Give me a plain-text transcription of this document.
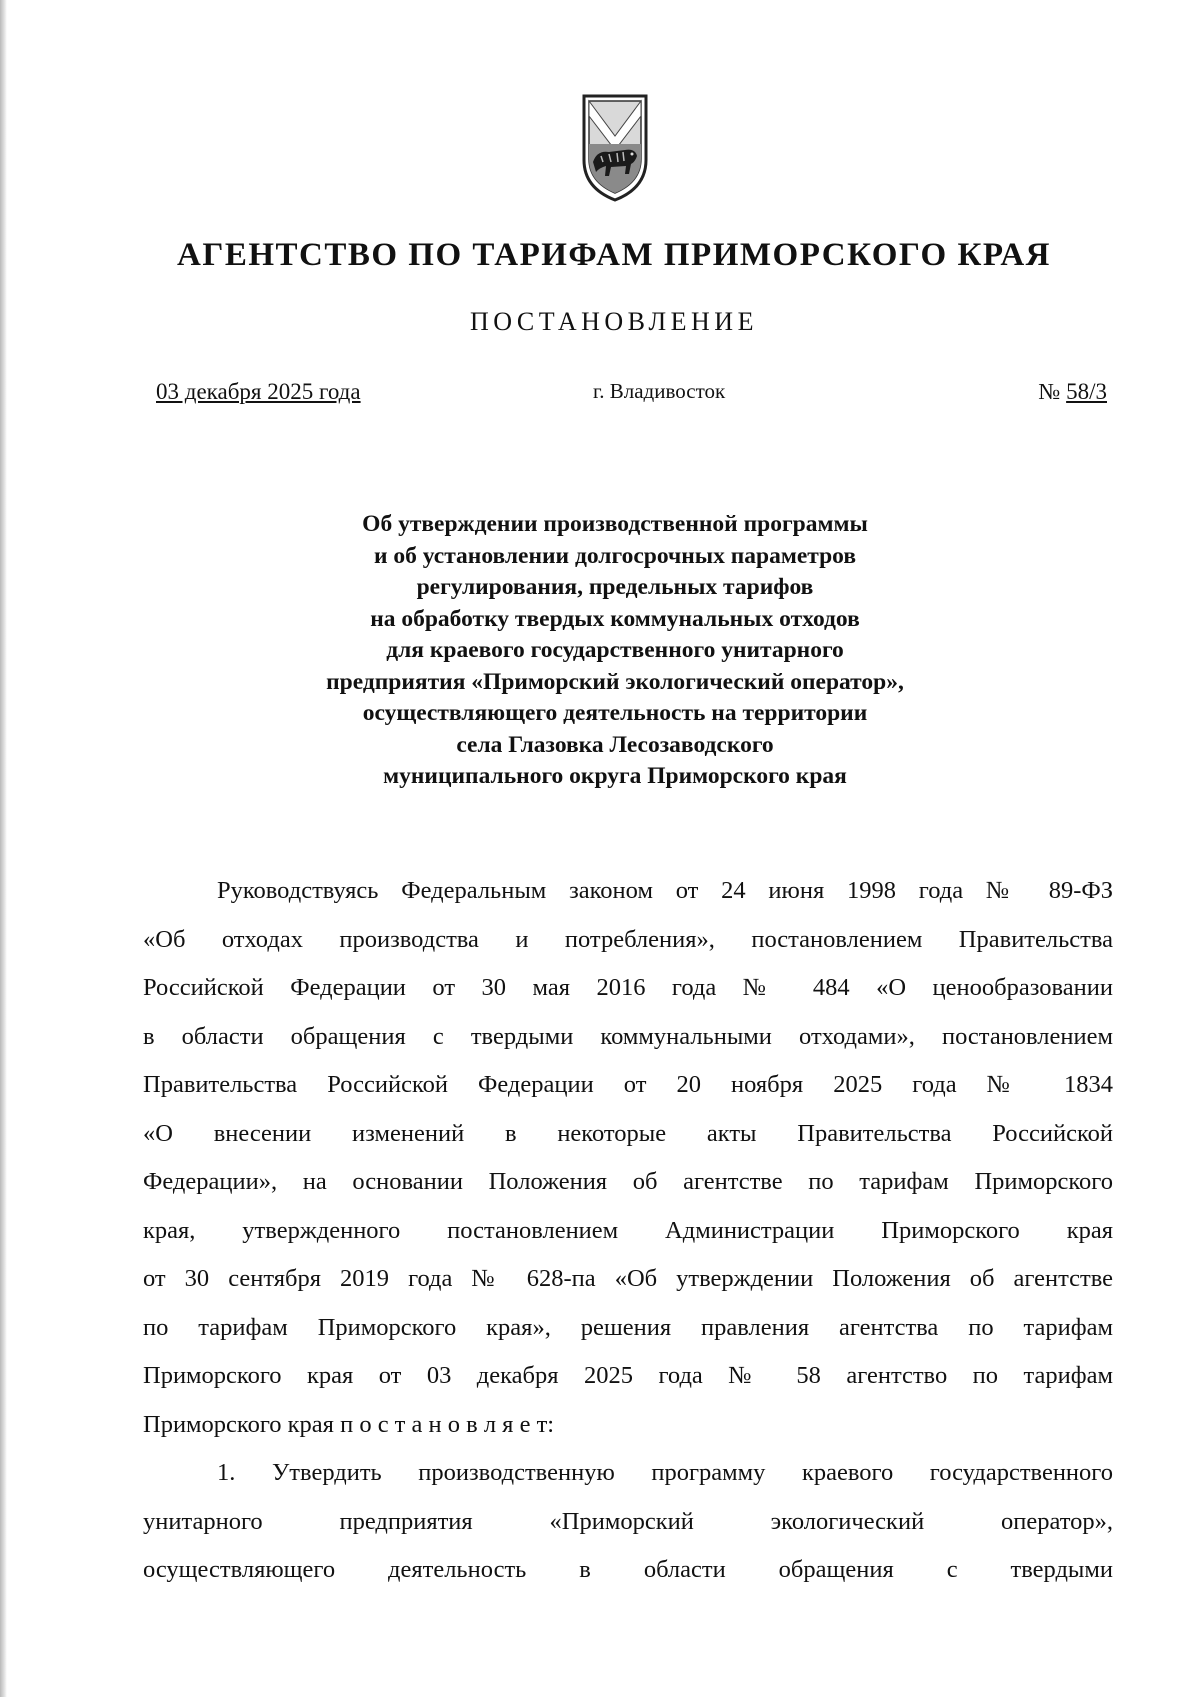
АГЕНТСТВО ПО ТАРИФАМ ПРИМОРСКОГО КРАЯ
ПОСТАНОВЛЕНИЕ
03 декабря 2025 года	г. Владивосток	№ 58/3
Об утверждении производственной программы
и об установлении долгосрочных параметров
регулирования, предельных тарифов
на обработку твердых коммунальных отходов
для краевого государственного унитарного
предприятия «Приморский экологический оператор»,
осуществляющего деятельность на территории
села Глазовка Лесозаводского
муниципального округа Приморского края
Руководствуясь Федеральным законом от 24 июня 1998 года № 89-ФЗ
«Об отходах производства и потребления», постановлением Правительства
Российской Федерации от 30 мая 2016 года № 484 «О ценообразовании
в области обращения с твердыми коммунальными отходами», постановлением
Правительства Российской Федерации от 20 ноября 2025 года № 1834
«О внесении изменений в некоторые акты Правительства Российской
Федерации», на основании Положения об агентстве по тарифам Приморского
края, утвержденного постановлением Администрации Приморского края
от 30 сентября 2019 года № 628-па «Об утверждении Положения об агентстве
по тарифам Приморского края», решения правления агентства по тарифам
Приморского края от 03 декабря 2025 года № 58 агентство по тарифам
Приморского края п о с т а н о в л я е т:
1. Утвердить производственную программу краевого государственного
унитарного предприятия «Приморский экологический оператор»,
осуществляющего деятельность в области обращения с твердыми
